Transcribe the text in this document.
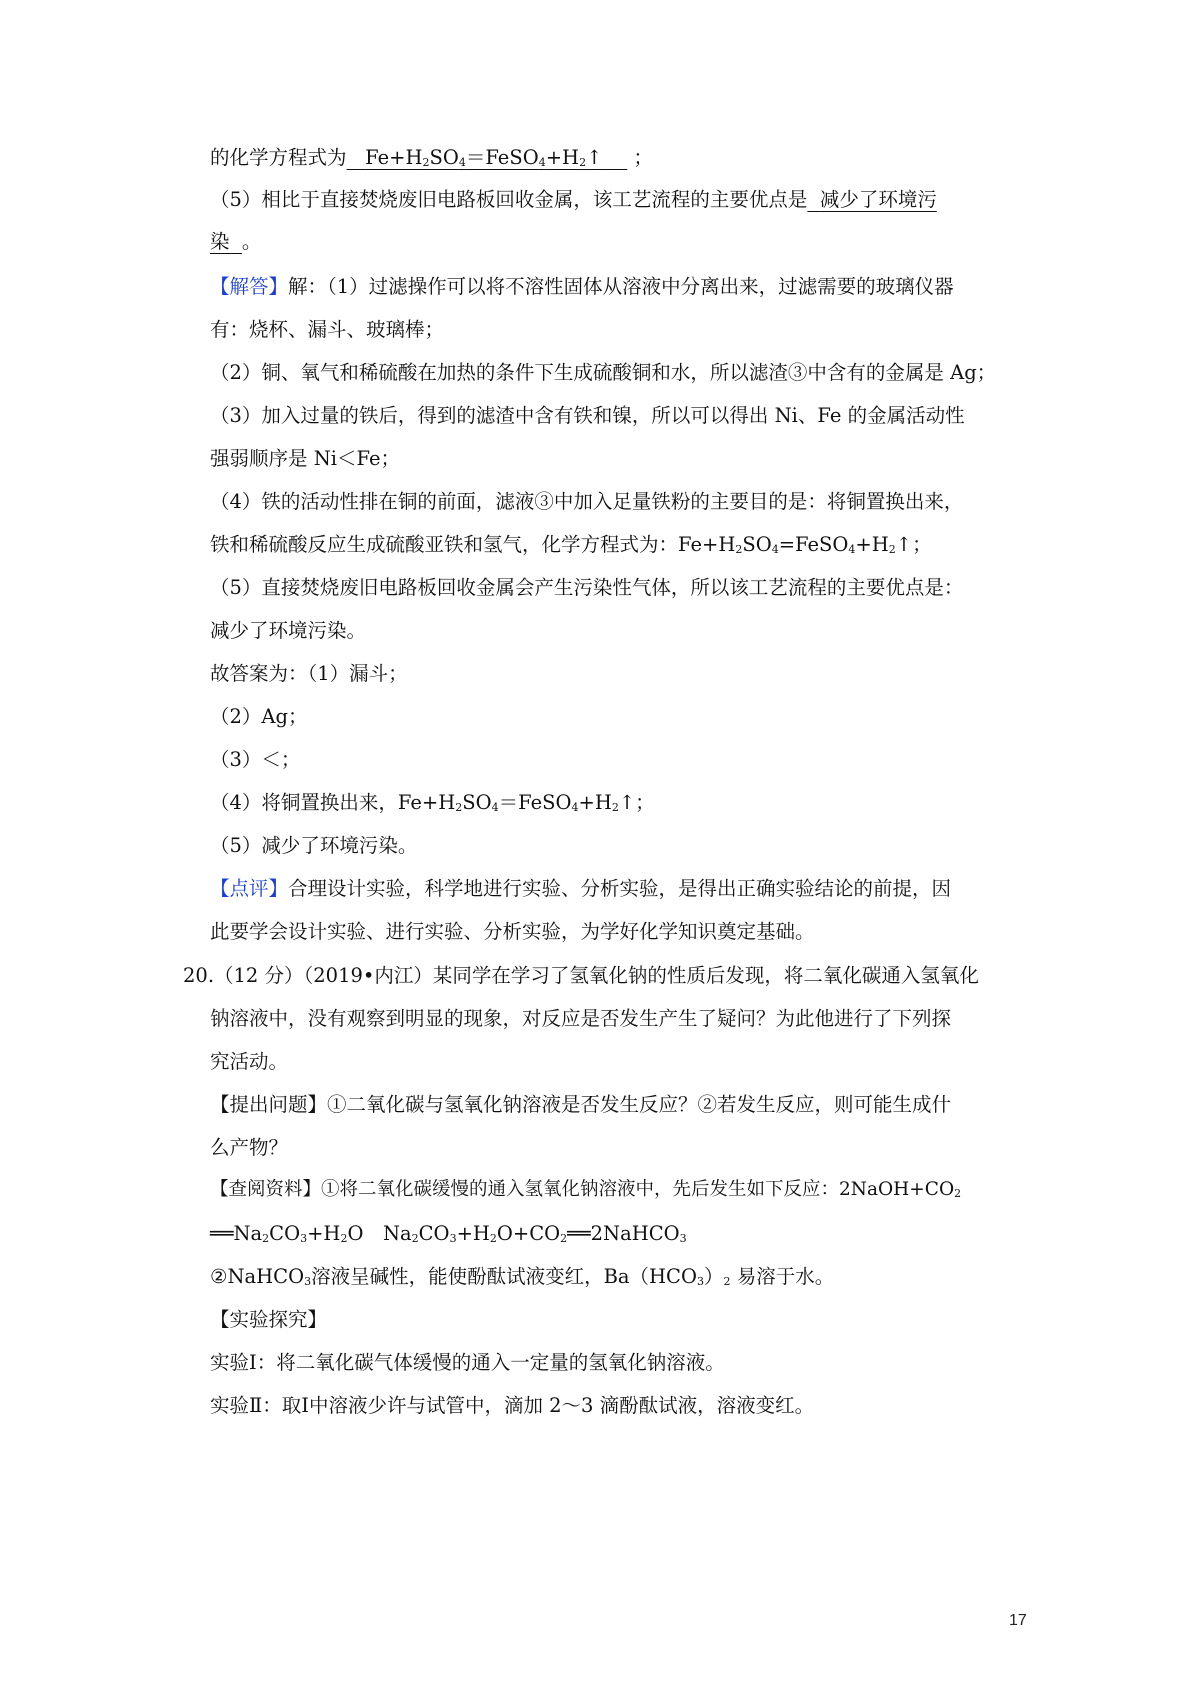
的化学方程式为 $Fe+H_2SO_4=FeSO_4+H_2↑$ ；
（5）相比于直接焚烧废旧电路板回收金属，该工艺流程的主要优点是 减少了环境污
染 。
【解答】解：（1）过滤操作可以将不溶性固体从溶液中分离出来，过滤需要的玻璃仪器
有：烧杯、漏斗、玻璃棒；
（2）铜、氧气和稀硫酸在加热的条件下生成硫酸铜和水，所以滤渣③中含有的金属是 Ag；
（3）加入过量的铁后，得到的滤渣中含有铁和镍，所以可以得出 Ni、Fe 的金属活动性
强弱顺序是 Ni＜Fe；
（4）铁的活动性排在铜的前面，滤液③中加入足量铁粉的主要目的是：将铜置换出来，
铁和稀硫酸反应生成硫酸亚铁和氢气，化学方程式为：$Fe+H_2SO_4=FeSO_4+H_2↑$；
（5）直接焚烧废旧电路板回收金属会产生污染性气体，所以该工艺流程的主要优点是：
减少了环境污染。
故答案为：（1）漏斗；
（2）Ag；
（3）＜；
（4）将铜置换出来，$Fe+H_2SO_4=FeSO_4+H_2↑$；
（5）减少了环境污染。
【点评】合理设计实验，科学地进行实验、分析实验，是得出正确实验结论的前提，因
此要学会设计实验、进行实验、分析实验，为学好化学知识奠定基础。
20.（12 分）（2019•内江）某同学在学习了氢氧化钠的性质后发现，将二氧化碳通入氢氧化
钠溶液中，没有观察到明显的现象，对反应是否发生产生了疑问？为此他进行了下列探
究活动。
【提出问题】①二氧化碳与氢氧化钠溶液是否发生反应？②若发生反应，则可能生成什
么产物？
【查阅资料】①将二氧化碳缓慢的通入氢氧化钠溶液中，先后发生如下反应：$2NaOH+CO_2$
$══Na_2CO_3+H_2O$　$Na_2CO_3+H_2O+CO_2══2NaHCO_3$
②NaHCO$_3$溶液呈碱性，能使酚酞试液变红，$Ba(HCO_3)_2$ 易溶于水。
【实验探究】
实验Ⅰ：将二氧化碳气体缓慢的通入一定量的氢氧化钠溶液。
实验Ⅱ：取Ⅰ中溶液少许与试管中，滴加 2～3 滴酚酞试液，溶液变红。
17
